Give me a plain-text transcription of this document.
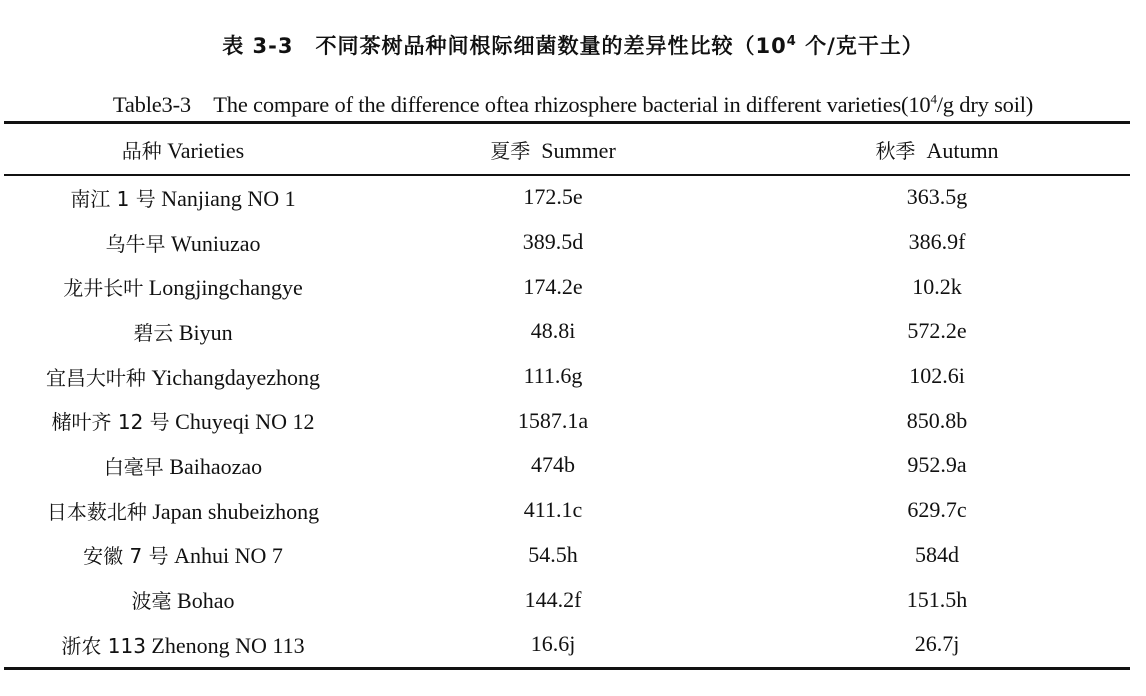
表 3-3　不同茶树品种间根际细菌数量的差异性比较（$10^4$ 个/克干土）
Table3-3　The compare of the difference oftea rhizosphere bacterial in different $varieties(10^4/g$ dry soil)
品种 Varieties	夏季 Summer	秋季 Autumn
南江 1 号 Nanjiang NO 1	172.5e	363.5g
乌牛早 Wuniuzao	389.5d	386.9f
龙井长叶 Longjingchangye	174.2e	10.2k
碧云 Biyun	48.8i	572.2e
宜昌大叶种 Yichangdayezhong	111.6g	102.6i
槠叶齐 12 号 Chuyeqi NO 12	1587.1a	850.8b
白毫早 Baihaozao	474b	952.9a
日本薮北种 Japan shubeizhong	411.1c	629.7c
安徽 7 号 Anhui NO 7	54.5h	584d
波毫 Bohao	144.2f	151.5h
浙农 113 Zhenong NO 113	16.6j	26.7j
